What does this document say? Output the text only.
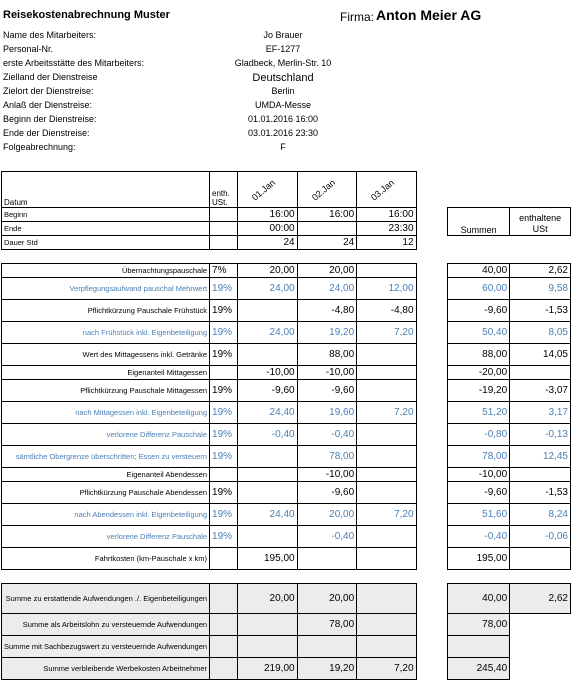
Reisekostenabrechnung Muster	Firma: Anton Meier AG
Name des Mitarbeiters:	Jo Brauer
Personal-Nr.	EF-1277
erste Arbeitsstätte des Mitarbeiters:	Gladbeck, Merlin-Str. 10
Zielland der Dienstreise	Deutschland
Zielort der Dienstreise:	Berlin
Anlaß der Dienstreise:	UMDA-Messe
Beginn der Dienstreise:	01.01.2016 16:00
Ende der Dienstreise:	03.01.2016 23:30
Folgeabrechnung:	F
Datum	enth. USt.	01.Jan	02.Jan	03.Jan			

Beginn		16:00	16:00	16:00		Summen	enthaltene USt
Ende		00:00		23:30			
Dauer Std		24	24	12			

Übernachtungspauschale	7%	20,00	20,00			40,00	2,62
Verpflegungsaufwand pauschal Mehrwert	19%	24,00	24,00	12,00		60,00	9,58
Pflichtkürzung Pauschale Frühstück	19%		-4,80	-4,80		-9,60	-1,53
nach Frühstück inkl. Eigenbeteiligung	19%	24,00	19,20	7,20		50,40	8,05
Wert des Mittagessens inkl. Getränke	19%		88,00			88,00	14,05
Eigenanteil Mittagessen		-10,00	-10,00			-20,00	
Pflichtkürzung Pauschale Mittagessen	19%	-9,60	-9,60			-19,20	-3,07
nach Mittagessen inkl. Eigenbeteiligung	19%	24,40	19,60	7,20		51,20	3,17
verlorene Differenz Pauschale	19%	-0,40	-0,40			-0,80	-0,13
sämtliche Obergrenze überschritten; Essen zu versteuern	19%		78,00			78,00	12,45
Eigenanteil Abendessen			-10,00			-10,00	
Pflichtkürzung Pauschale Abendessen	19%		-9,60			-9,60	-1,53
nach Abendessen inkl. Eigenbeteiligung	19%	24,40	20,00	7,20		51,60	8,24
verlorene Differenz Pauschale	19%		-0,40			-0,40	-0,06
Fahrtkosten (km-Pauschale x km)		195,00				195,00	

Summe zu erstattende Aufwendungen ./. Eigenbeteiligungen		20,00	20,00			40,00	2,62
Summe als Arbeitslohn zu versteuernde Aufwendungen			78,00			78,00	
Summe mit Sachbezugswert zu versteuernde Aufwendungen							
Summe verbleibende Werbekosten Arbeitnehmer		219,00	19,20	7,20		245,40	
